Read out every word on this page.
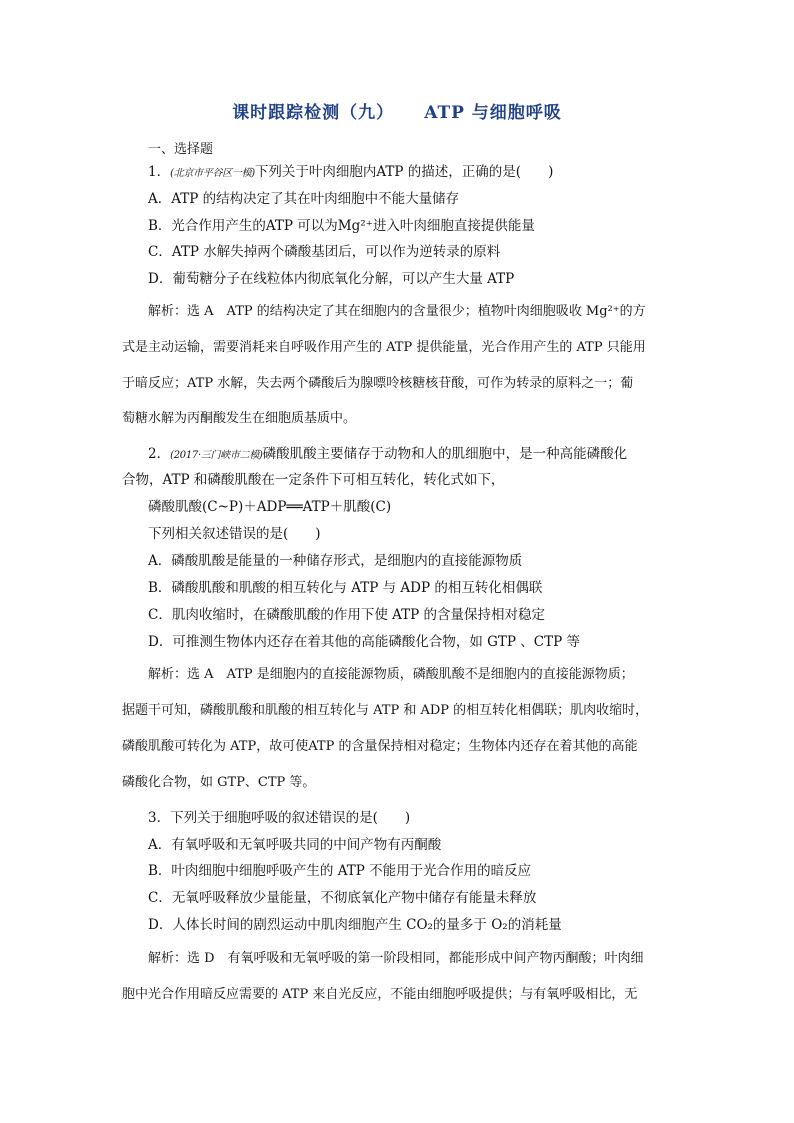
课时跟踪检测（九） ATP 与细胞呼吸
一、选择题
1．(北京市平谷区一模)下列关于叶肉细胞内ATP 的描述，正确的是(　　)
A．ATP 的结构决定了其在叶肉细胞中不能大量储存
B．光合作用产生的ATP 可以为Mg²⁺进入叶肉细胞直接提供能量
C．ATP 水解失掉两个磷酸基团后，可以作为逆转录的原料
D．葡萄糖分子在线粒体内彻底氧化分解，可以产生大量 ATP
解析：选 A　ATP 的结构决定了其在细胞内的含量很少；植物叶肉细胞吸收 Mg²⁺的方
式是主动运输，需要消耗来自呼吸作用产生的 ATP 提供能量，光合作用产生的 ATP 只能用
于暗反应；ATP 水解，失去两个磷酸后为腺嘌呤核糖核苷酸，可作为转录的原料之一；葡
萄糖水解为丙酮酸发生在细胞质基质中。
2．(2017·三门峡市二模)磷酸肌酸主要储存于动物和人的肌细胞中，是一种高能磷酸化
合物，ATP 和磷酸肌酸在一定条件下可相互转化，转化式如下，
磷酸肌酸(C~P)＋ADP══ATP＋肌酸(C)
下列相关叙述错误的是(　　)
A．磷酸肌酸是能量的一种储存形式，是细胞内的直接能源物质
B．磷酸肌酸和肌酸的相互转化与 ATP 与 ADP 的相互转化相偶联
C．肌肉收缩时，在磷酸肌酸的作用下使 ATP 的含量保持相对稳定
D．可推测生物体内还存在着其他的高能磷酸化合物，如 GTP 、CTP 等
解析：选 A　ATP 是细胞内的直接能源物质，磷酸肌酸不是细胞内的直接能源物质；
据题干可知，磷酸肌酸和肌酸的相互转化与 ATP 和 ADP 的相互转化相偶联；肌肉收缩时，
磷酸肌酸可转化为 ATP，故可使ATP 的含量保持相对稳定；生物体内还存在着其他的高能
磷酸化合物，如 GTP、CTP 等。
3．下列关于细胞呼吸的叙述错误的是(　　)
A．有氧呼吸和无氧呼吸共同的中间产物有丙酮酸
B．叶肉细胞中细胞呼吸产生的 ATP 不能用于光合作用的暗反应
C．无氧呼吸释放少量能量，不彻底氧化产物中储存有能量未释放
D．人体长时间的剧烈运动中肌肉细胞产生 CO₂的量多于 O₂的消耗量
解析：选 D　有氧呼吸和无氧呼吸的第一阶段相同，都能形成中间产物丙酮酸；叶肉细
胞中光合作用暗反应需要的 ATP 来自光反应，不能由细胞呼吸提供；与有氧呼吸相比，无
